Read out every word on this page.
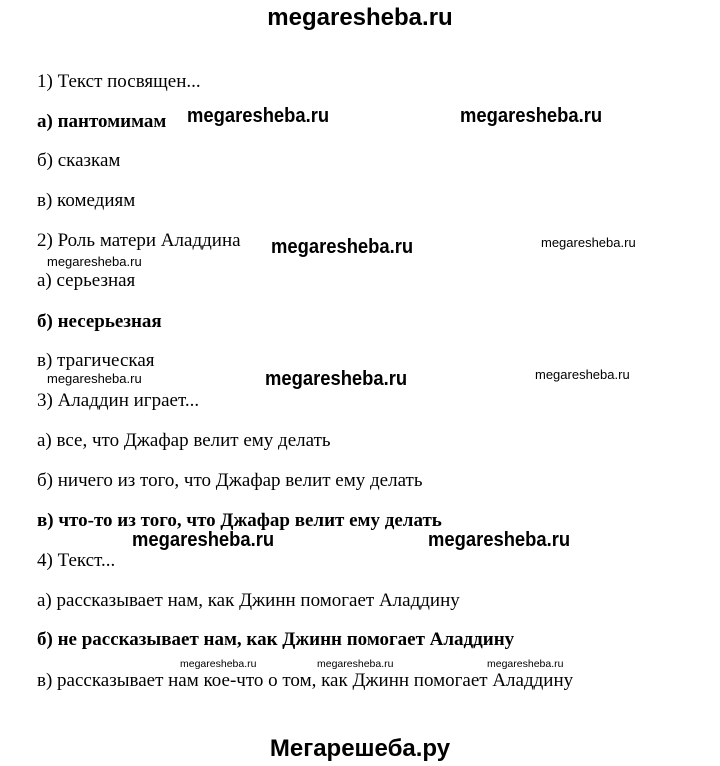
megaresheba.ru
1) Текст посвящен...
а) пантомимам
б) сказкам
в) комедиям
2) Роль матери Аладдина
а) серьезная
б) несерьезная
в) трагическая
3) Аладдин играет...
а) все, что Джафар велит ему делать
б) ничего из того, что Джафар велит ему делать
в) что-то из того, что Джафар велит ему делать
4) Текст...
а) рассказывает нам, как Джинн помогает Аладдину
б) не рассказывает нам, как Джинн помогает Аладдину
в) рассказывает нам кое-что о том, как Джинн помогает Аладдину
megaresheba.ru	megaresheba.ru
megaresheba.ru	megaresheba.ru
megaresheba.ru
megaresheba.ru
megaresheba.ru	megaresheba.ru
megaresheba.ru	megaresheba.ru
megaresheba.ru	megaresheba.ru	megaresheba.ru
Мегарешеба.ру
